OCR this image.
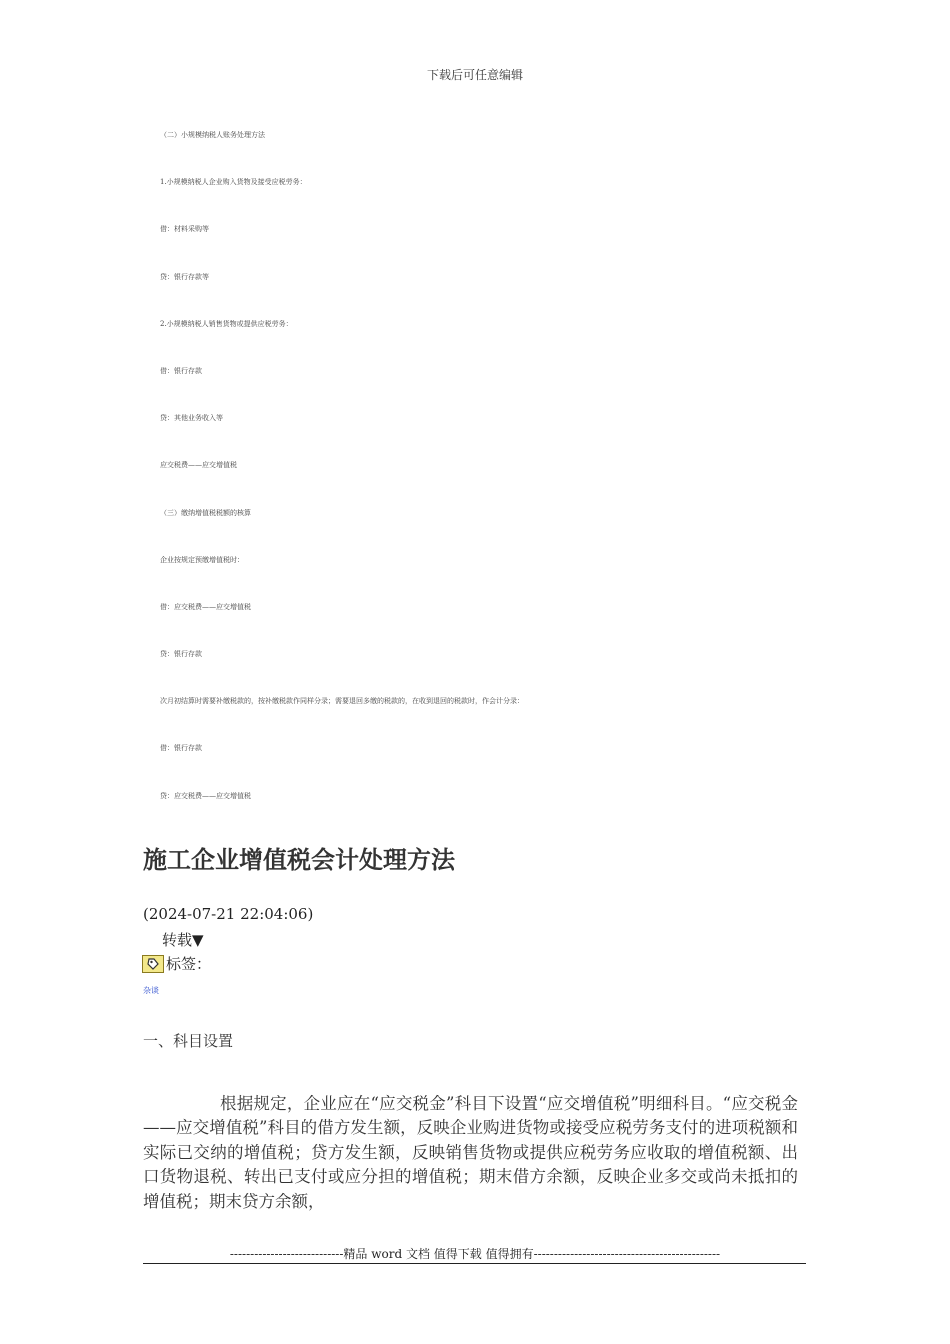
下载后可任意编辑
（二）小规模纳税人账务处理方法
1.小规模纳税人企业购入货物及接受应税劳务：
借：材料采购等
贷：银行存款等
2.小规模纳税人销售货物或提供应税劳务：
借：银行存款
贷：其他业务收入等
应交税费——应交增值税
（三）缴纳增值税税额的核算
企业按规定预缴增值税时：
借：应交税费——应交增值税
贷：银行存款
次月初结算时需要补缴税款的，按补缴税款作同样分录；需要退回多缴的税款的，在收到退回的税款时，作会计分录：
借：银行存款
贷：应交税费——应交增值税
施工企业增值税会计处理方法
(2024-07-21 22:04:06)
转载▼
标签：
杂谈
一、科目设置

根据规定，企业应在“应交税金”科目下设置“应交增值税”明细科目。“应交税金——应交增值税”科目的借方发生额，反映企业购进货物或接受应税劳务支付的进项税额和实际已交纳的增值税；贷方发生额，反映销售货物或提供应税劳务应收取的增值税额、出口货物退税、转出已支付或应分担的增值税；期末借方余额，反映企业多交或尚未抵扣的增值税；期末贷方余额，

----------------------------精品 word 文档 值得下载 值得拥有----------------------------------------------
